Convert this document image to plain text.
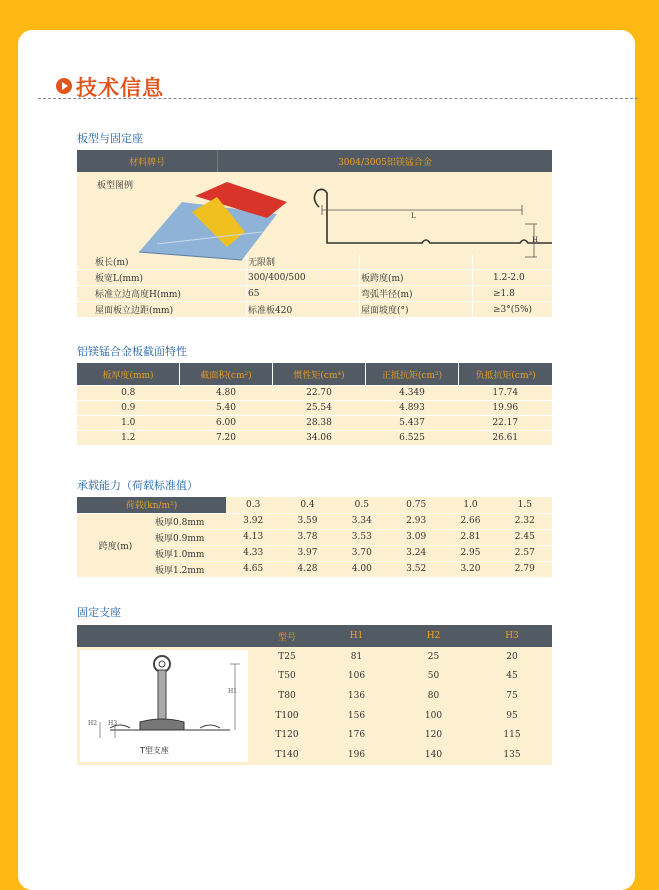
技术信息
板型与固定座
材料牌号	3004/3005铝镁锰合金

板型图例
L
H
板长(m)	无限制		
板宽L(mm)	300/400/500	板跨度(m)	1.2-2.0
标准立边高度H(mm)	65	弯弧半径(m)	≥1.8
屋面板立边距(mm)	标准板420	屋面坡度(°)	≥3°(5%)
铝镁锰合金板截面特性
板厚度(mm)	截面积(cm²)	惯性矩(cm⁴)	正抵抗矩(cm³)	负抵抗矩(cm³)
0.8	4.80	22.70	4.349	17.74
0.9	5.40	25.54	4.893	19.96
1.0	6.00	28.38	5.437	22.17
1.2	7.20	34.06	6.525	26.61
承载能力（荷载标准值）
荷载(kn/m²)		0.3	0.4	0.5	0.75	1.0	1.5
跨度(m)	板厚0.8mm	3.92	3.59	3.34	2.93	2.66	2.32
	板厚0.9mm	4.13	3.78	3.53	3.09	2.81	2.45
	板厚1.0mm	4.33	3.97	3.70	3.24	2.95	2.57
	板厚1.2mm	4.65	4.28	4.00	3.52	3.20	2.79
固定支座
	型号	H1	H2	H3

H1
H2 H3
T型支座	T25	81	25	20
	T50	106	50	45
	T80	136	80	75
	T100	156	100	95
	T120	176	120	115
	T140	196	140	135
